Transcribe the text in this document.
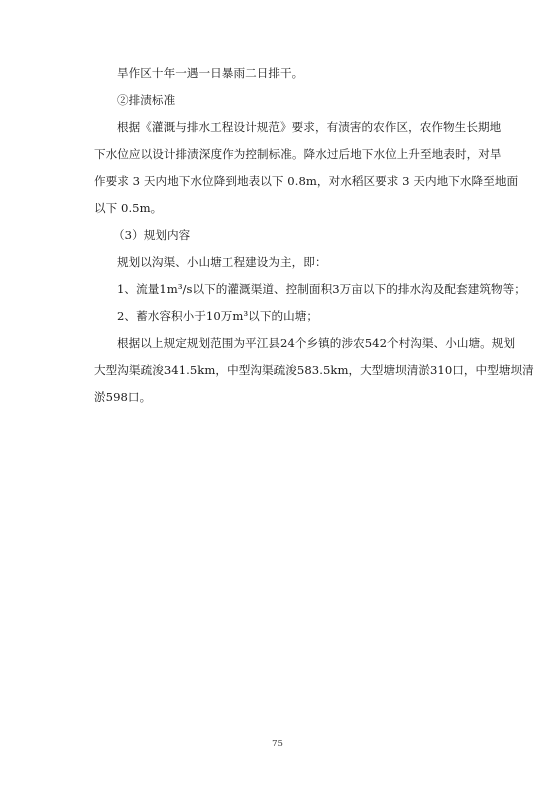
旱作区十年一遇一日暴雨二日排干。
②排渍标准
根据《灌溉与排水工程设计规范》要求，有渍害的农作区，农作物生长期地
下水位应以设计排渍深度作为控制标准。降水过后地下水位上升至地表时，对旱
作要求 3 天内地下水位降到地表以下 0.8m，对水稻区要求 3 天内地下水降至地面
以下 0.5m。
（3）规划内容
规划以沟渠、小山塘工程建设为主，即：
1、流量1m³/s以下的灌溉渠道、控制面积3万亩以下的排水沟及配套建筑物等；
2、蓄水容积小于10万m³以下的山塘；
根据以上规定规划范围为平江县24个乡镇的涉农542个村沟渠、小山塘。规划
大型沟渠疏浚341.5km，中型沟渠疏浚583.5km，大型塘坝清淤310口，中型塘坝清
淤598口。
75
